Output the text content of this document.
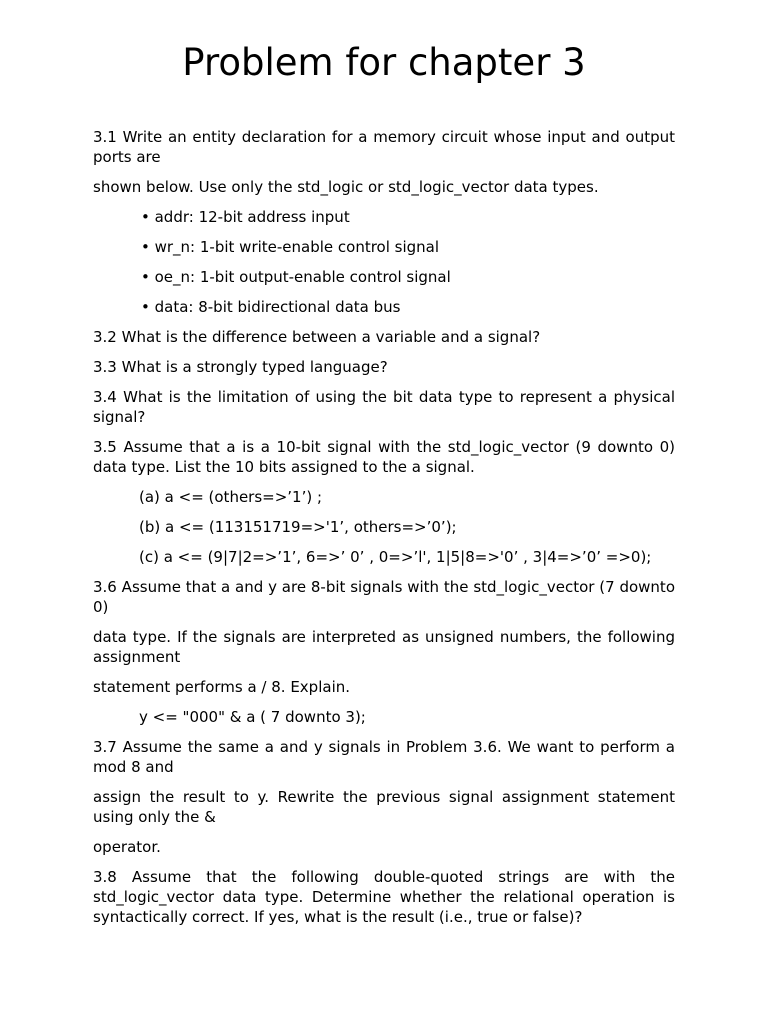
Problem for chapter 3

3.1 Write an entity declaration for a memory circuit whose input and output ports are

shown below. Use only the std_logic or std_logic_vector data types.

• addr: 12-bit address input

• wr_n: 1-bit write-enable control signal

• oe_n: 1-bit output-enable control signal

• data: 8-bit bidirectional data bus

3.2 What is the difference between a variable and a signal?

3.3 What is a strongly typed language?

3.4 What is the limitation of using the bit data type to represent a physical signal?

3.5 Assume that a is a 10-bit signal with the std_logic_vector (9 downto 0) data type. List the 10 bits assigned to the a signal.

(a) a <= (others=>’1’) ;

(b) a <= (113151719=>'1’, others=>’0’);

(c) a <= (9|7|2=>’1’, 6=>’ 0’ , 0=>’l', 1|5|8=>'0’ , 3|4=>’0’ =>0);

3.6 Assume that a and y are 8-bit signals with the std_logic_vector (7 downto 0)

data type. If the signals are interpreted as unsigned numbers, the following assignment

statement performs a / 8. Explain.

y <= "000" & a ( 7 downto 3);

3.7 Assume the same a and y signals in Problem 3.6. We want to perform a mod 8 and

assign the result to y. Rewrite the previous signal assignment statement using only the &

operator.

3.8 Assume that the following double-quoted strings are with the std_logic_vector data type. Determine whether the relational operation is syntactically correct. If yes, what is the result (i.e., true or false)?
